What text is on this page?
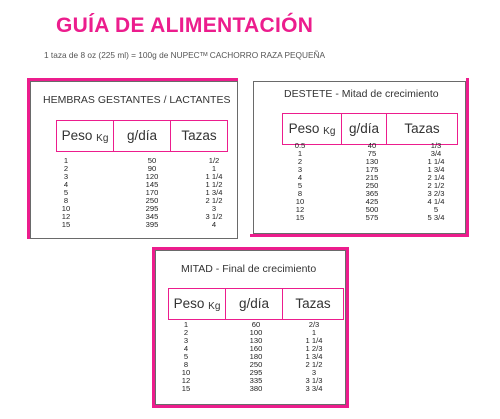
GUÍA DE ALIMENTACIÓN
1 taza de 8 oz (225 ml) = 100g de NUPECᵀᴹ CACHORRO RAZA PEQUEÑA
HEMBRAS GESTANTES / LACTANTES
Peso Kg	g/día	Tazas
1	50	1/2
2	90	1
3	120	1 1/4
4	145	1 1/2
5	170	1 3/4
8	250	2 1/2
10	295	3
12	345	3 1/2
15	395	4
DESTETE - Mitad de crecimiento
Peso Kg	g/día	Tazas
0.5	40	1/3
1	75	3/4
2	130	1 1/4
3	175	1 3/4
4	215	2 1/4
5	250	2 1/2
8	365	3 2/3
10	425	4 1/4
12	500	5
15	575	5 3/4
MITAD - Final de crecimiento
Peso Kg	g/día	Tazas
1	60	2/3
2	100	1
3	130	1 1/4
4	160	1 2/3
5	180	1 3/4
8	250	2 1/2
10	295	3
12	335	3 1/3
15	380	3 3/4
